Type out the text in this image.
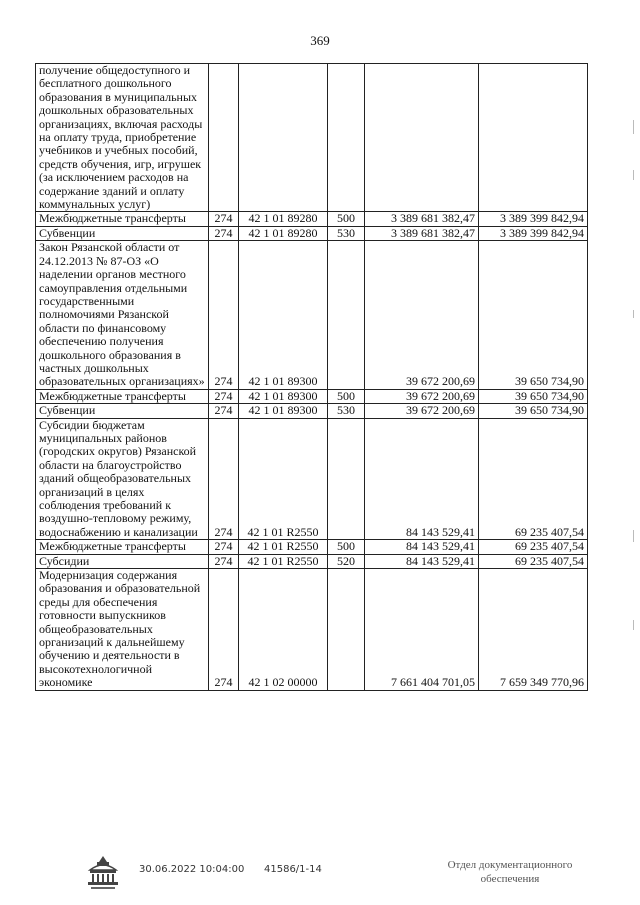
369
получение общедоступного и бесплатного дошкольного образования в муниципальных дошкольных образовательных организациях, включая расходы на оплату труда, приобретение учебников и учебных пособий, средств обучения, игр, игрушек (за исключением расходов на содержание зданий и оплату коммунальных услуг)					
Межбюджетные трансферты	274	42 1 01 89280	500	3 389 681 382,47	3 389 399 842,94
Субвенции	274	42 1 01 89280	530	3 389 681 382,47	3 389 399 842,94
Закон Рязанской области от 24.12.2013 № 87-ОЗ «О наделении органов местного самоуправления отдельными государственными полномочиями Рязанской области по финансовому обеспечению получения дошкольного образования в частных дошкольных образовательных организациях»	274	42 1 01 89300		39 672 200,69	39 650 734,90
Межбюджетные трансферты	274	42 1 01 89300	500	39 672 200,69	39 650 734,90
Субвенции	274	42 1 01 89300	530	39 672 200,69	39 650 734,90
Субсидии бюджетам муниципальных районов (городских округов) Рязанской области на благоустройство зданий общеобразовательных организаций в целях соблюдения требований к воздушно-тепловому режиму, водоснабжению и канализации	274	42 1 01 R2550		84 143 529,41	69 235 407,54
Межбюджетные трансферты	274	42 1 01 R2550	500	84 143 529,41	69 235 407,54
Субсидии	274	42 1 01 R2550	520	84 143 529,41	69 235 407,54
Модернизация содержания образования и образовательной среды для обеспечения готовности выпускников общеобразовательных организаций к дальнейшему обучению и деятельности в высокотехнологичной экономике	274	42 1 02 00000		7 661 404 701,05	7 659 349 770,96
30.06.2022 10:04:00 41586/1-14	Отдел документационного
обеспечения
